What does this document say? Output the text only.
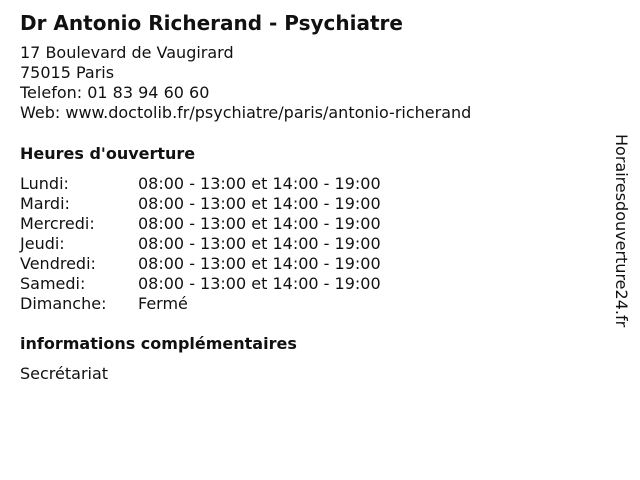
Dr Antonio Richerand - Psychiatre
17 Boulevard de Vaugirard
75015 Paris
Telefon: 01 83 94 60 60
Web: www.doctolib.fr/psychiatre/paris/antonio-richerand
Heures d'ouverture
Lundi:	08:00 - 13:00 et 14:00 - 19:00
Mardi:	08:00 - 13:00 et 14:00 - 19:00
Mercredi:	08:00 - 13:00 et 14:00 - 19:00
Jeudi:	08:00 - 13:00 et 14:00 - 19:00
Vendredi:	08:00 - 13:00 et 14:00 - 19:00
Samedi:	08:00 - 13:00 et 14:00 - 19:00
Dimanche:	Fermé
informations complémentaires
Secrétariat
Horairesdouverture24.fr
